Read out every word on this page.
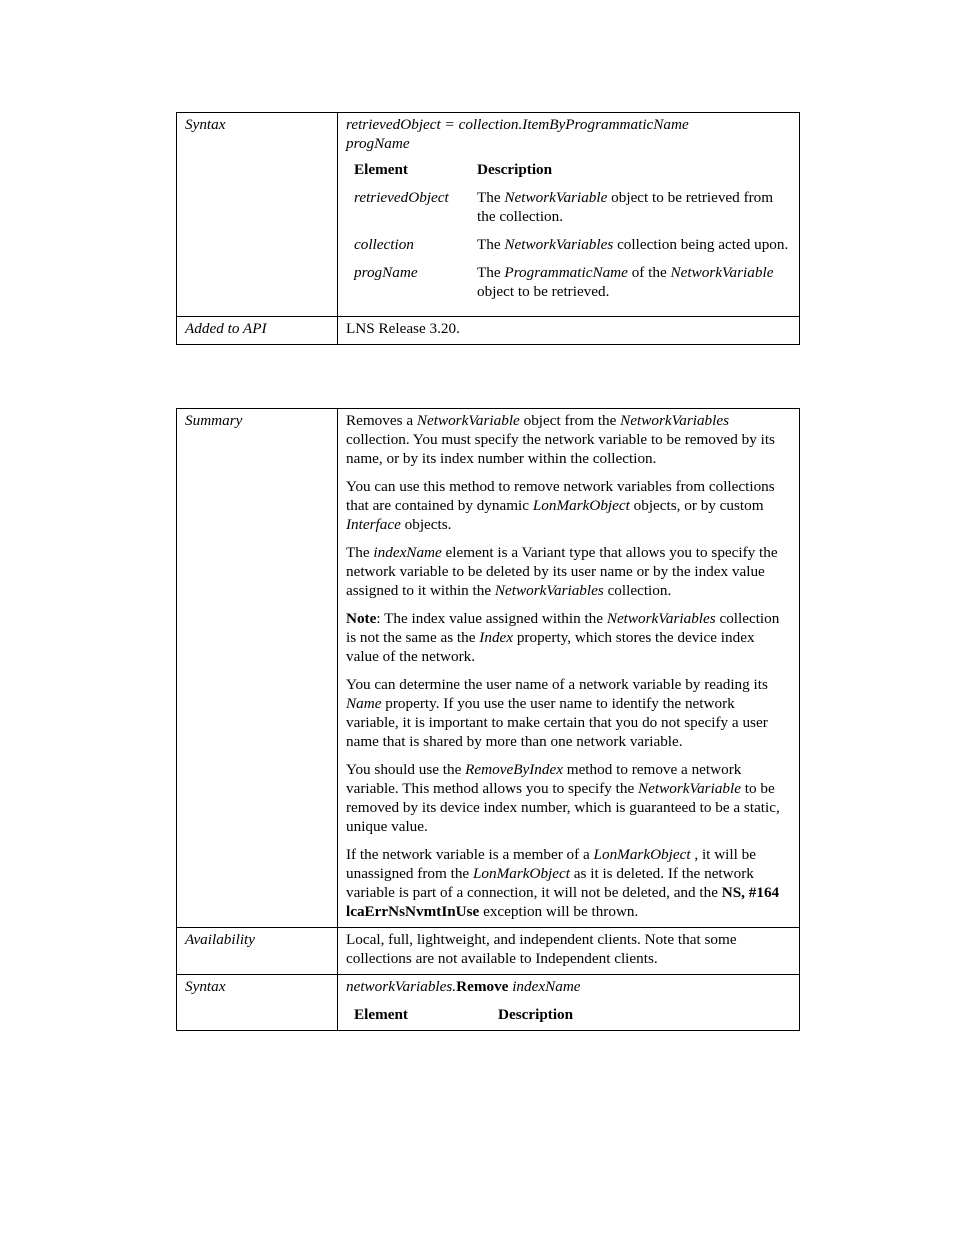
Syntax	retrievedObject = collection.ItemByProgrammaticName
progName
Element	Description
retrievedObject	The NetworkVariable object to be retrieved from the collection.
collection	The NetworkVariables collection being acted upon.
progName	The ProgrammaticName of the NetworkVariable object to be retrieved.

Added to API	LNS Release 3.20.
Summary	Removes a NetworkVariable object from the NetworkVariables collection. You must specify the network variable to be removed by its name, or by its index number within the collection.

You can use this method to remove network variables from collections that are contained by dynamic LonMarkObject objects, or by custom Interface objects.

The indexName element is a Variant type that allows you to specify the network variable to be deleted by its user name or by the index value assigned to it within the NetworkVariables collection.

Note: The index value assigned within the NetworkVariables collection is not the same as the Index property, which stores the device index value of the network.

You can determine the user name of a network variable by reading its Name property. If you use the user name to identify the network variable, it is important to make certain that you do not specify a user name that is shared by more than one network variable.

You should use the RemoveByIndex method to remove a network variable. This method allows you to specify the NetworkVariable to be removed by its device index number, which is guaranteed to be a static, unique value.

If the network variable is a member of a LonMarkObject , it will be unassigned from the LonMarkObject as it is deleted. If the network variable is part of a connection, it will not be deleted, and the NS, #164 lcaErrNsNvmtInUse exception will be thrown.

Availability	Local, full, lightweight, and independent clients. Note that some collections are not available to Independent clients.
Syntax	networkVariables.Remove indexName
Element	Description
